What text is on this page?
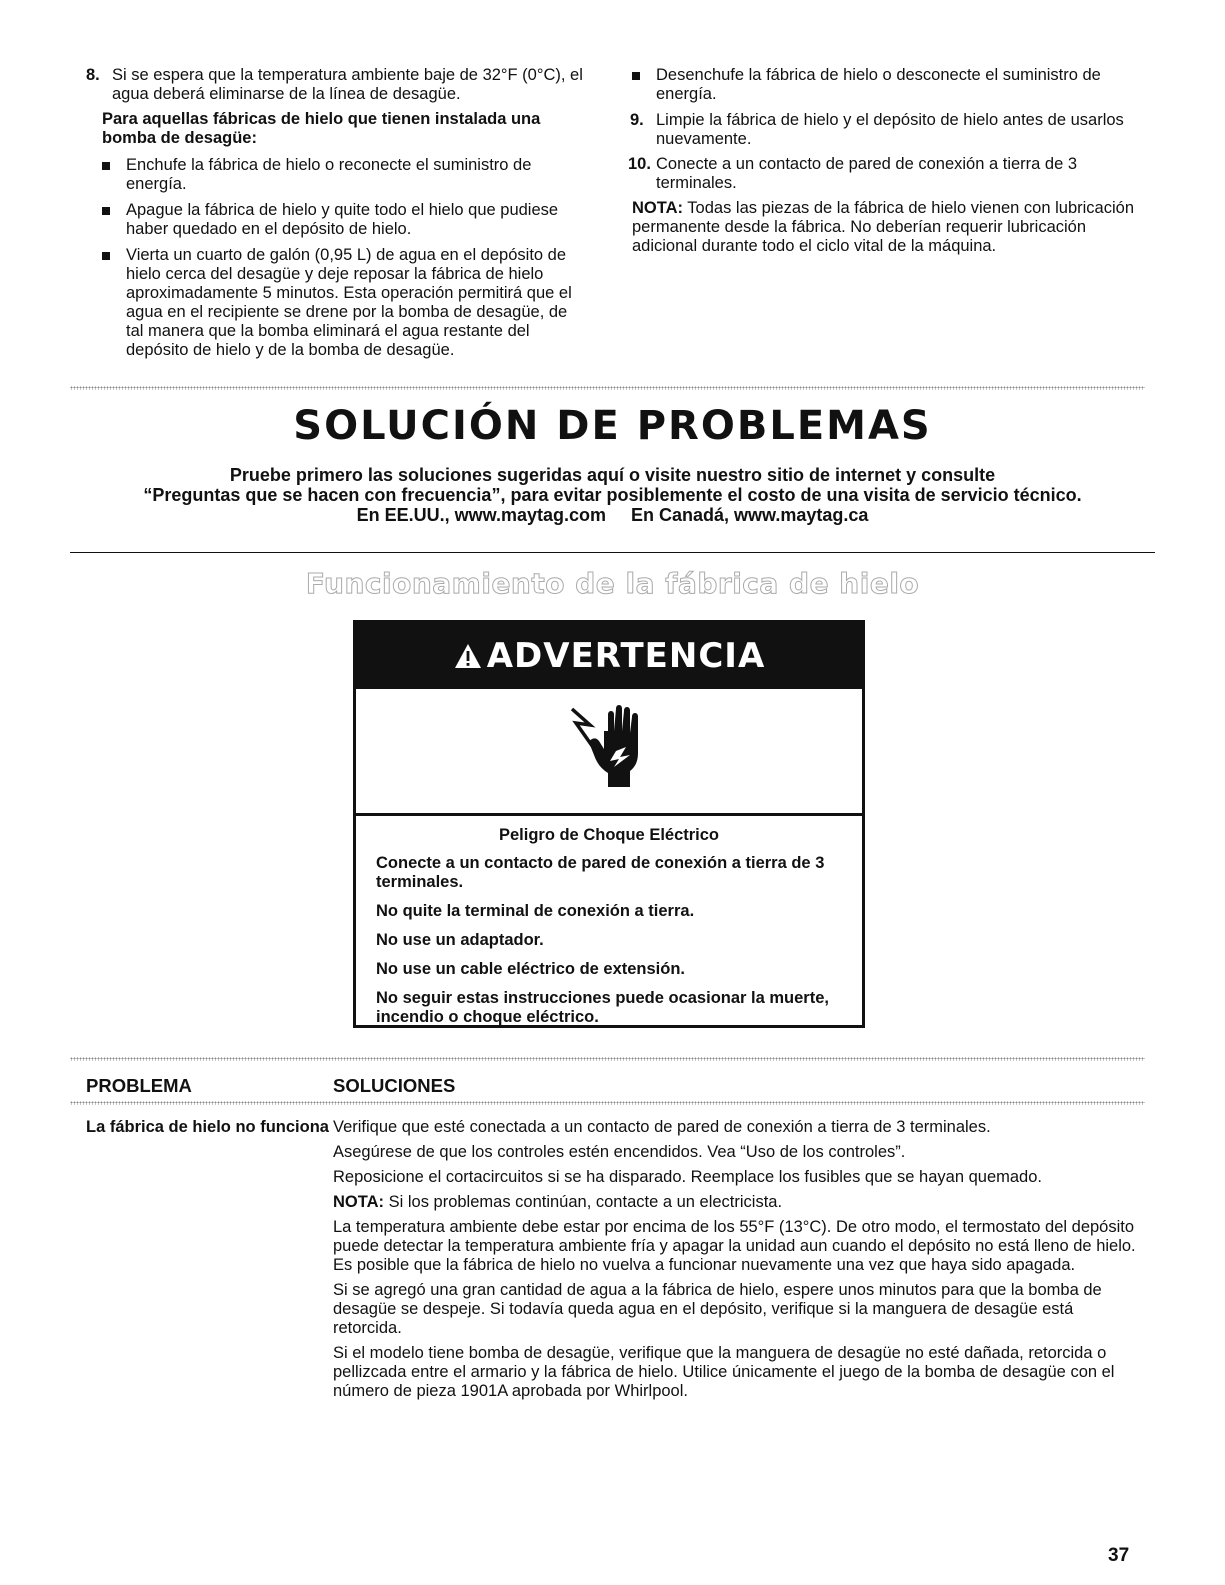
8. Si se espera que la temperatura ambiente baje de 32°F (0°C), el agua deberá eliminarse de la línea de desagüe.

Para aquellas fábricas de hielo que tienen instalada una bomba de desagüe:

Enchufe la fábrica de hielo o reconecte el suministro de energía.
Apague la fábrica de hielo y quite todo el hielo que pudiese haber quedado en el depósito de hielo.
Vierta un cuarto de galón (0,95 L) de agua en el depósito de hielo cerca del desagüe y deje reposar la fábrica de hielo aproximadamente 5 minutos. Esta operación permitirá que el agua en el recipiente se drene por la bomba de desagüe, de tal manera que la bomba eliminará el agua restante del depósito de hielo y de la bomba de desagüe.
Desenchufe la fábrica de hielo o desconecte el suministro de energía.
9. Limpie la fábrica de hielo y el depósito de hielo antes de usarlos nuevamente.
10. Conecte a un contacto de pared de conexión a tierra de 3 terminales.

NOTA: Todas las piezas de la fábrica de hielo vienen con lubricación permanente desde la fábrica. No deberían requerir lubricación adicional durante todo el ciclo vital de la máquina.

SOLUCIÓN DE PROBLEMAS
Pruebe primero las soluciones sugeridas aquí o visite nuestro sitio de internet y consulte
“Preguntas que se hacen con frecuencia”, para evitar posiblemente el costo de una visita de servicio técnico.
En EE.UU., www.maytag.com     En Canadá, www.maytag.ca
Funcionamiento de la fábrica de hielo
ADVERTENCIA

Peligro de Choque Eléctrico

Conecte a un contacto de pared de conexión a tierra de 3 terminales.

No quite la terminal de conexión a tierra.

No use un adaptador.

No use un cable eléctrico de extensión.

No seguir estas instrucciones puede ocasionar la muerte, incendio o choque eléctrico.

PROBLEMA	SOLUCIONES
La fábrica de hielo no funciona Verifique que esté conectada a un contacto de pared de conexión a tierra de 3 terminales.

Asegúrese de que los controles estén encendidos. Vea “Uso de los controles”.

Reposicione el cortacircuitos si se ha disparado. Reemplace los fusibles que se hayan quemado.

NOTA: Si los problemas continúan, contacte a un electricista.

La temperatura ambiente debe estar por encima de los 55°F (13°C). De otro modo, el termostato del depósito puede detectar la temperatura ambiente fría y apagar la unidad aun cuando el depósito no está lleno de hielo. Es posible que la fábrica de hielo no vuelva a funcionar nuevamente una vez que haya sido apagada.

Si se agregó una gran cantidad de agua a la fábrica de hielo, espere unos minutos para que la bomba de desagüe se despeje. Si todavía queda agua en el depósito, verifique si la manguera de desagüe está retorcida.

Si el modelo tiene bomba de desagüe, verifique que la manguera de desagüe no esté dañada, retorcida o pellizcada entre el armario y la fábrica de hielo. Utilice únicamente el juego de la bomba de desagüe con el número de pieza 1901A aprobada por Whirlpool.

37
